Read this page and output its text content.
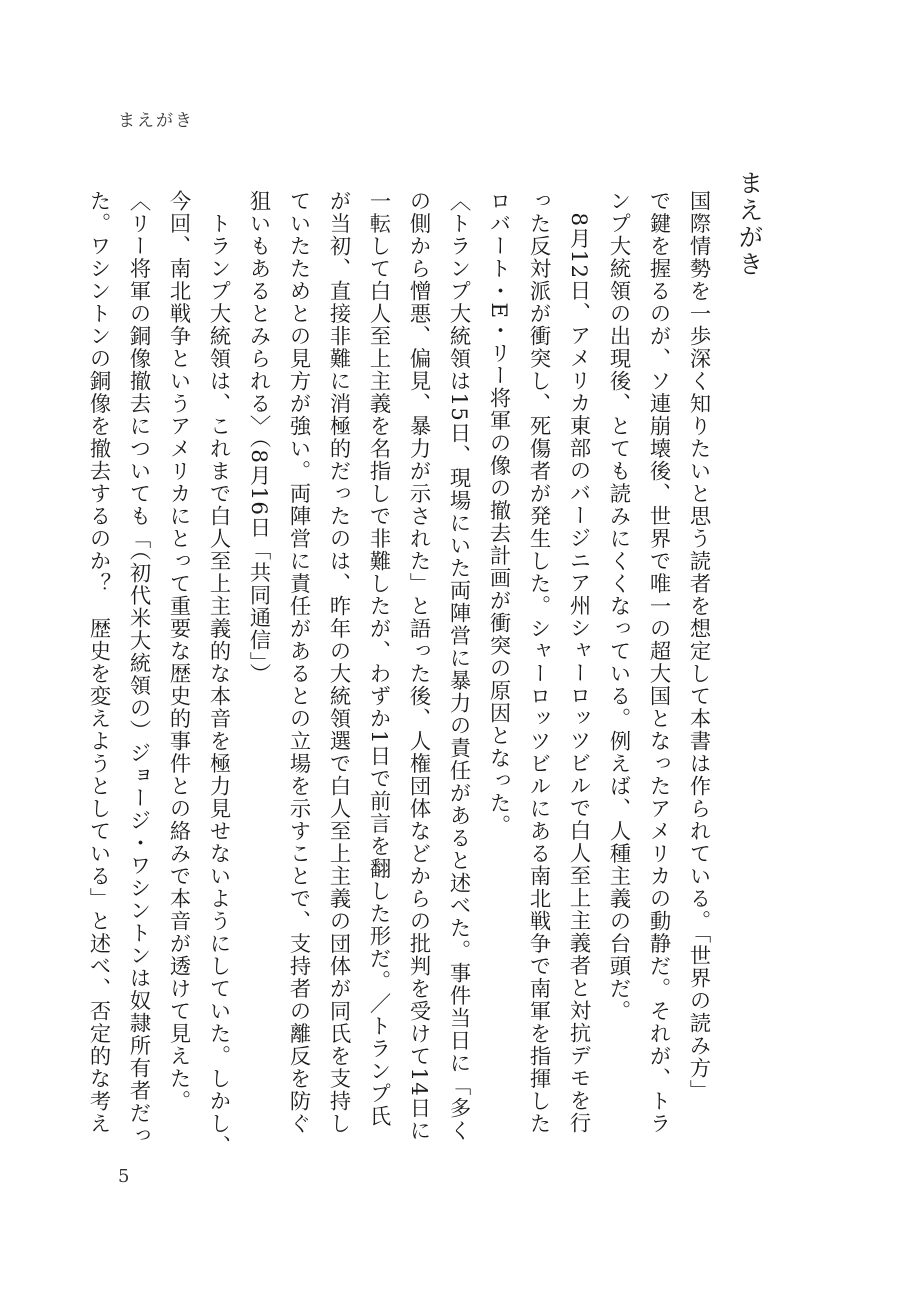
まえがき
まえがき
国際情勢を一歩深く知りたいと思う読者を想定して本書は作られている。「世界の読み方」
で鍵を握るのが、ソ連崩壊後、世界で唯一の超大国となったアメリカの動静だ。それが、トラ
ンプ大統領の出現後、とても読みにくくなっている。例えば、人種主義の台頭だ。
　8月12日、アメリカ東部のバージニア州シャーロッツビルで白人至上主義者と対抗デモを行
った反対派が衝突し、死傷者が発生した。シャーロッツビルにある南北戦争で南軍を指揮した
ロバート・E・リー将軍の像の撤去計画が衝突の原因となった。
〈トランプ大統領は15日、現場にいた両陣営に暴力の責任があると述べた。事件当日に「多く
の側から憎悪、偏見、暴力が示された」と語った後、人権団体などからの批判を受けて14日に
一転して白人至上主義を名指しで非難したが、わずか1日で前言を翻した形だ。／トランプ氏
が当初、直接非難に消極的だったのは、昨年の大統領選で白人至上主義の団体が同氏を支持し
ていたためとの見方が強い。両陣営に責任があるとの立場を示すことで、支持者の離反を防ぐ
狙いもあるとみられる〉（8月16日「共同通信」）
　トランプ大統領は、これまで白人至上主義的な本音を極力見せないようにしていた。しかし、
今回、南北戦争というアメリカにとって重要な歴史的事件との絡みで本音が透けて見えた。
〈リー将軍の銅像撤去についても「（初代米大統領の）ジョージ・ワシントンは奴隷所有者だっ
た。ワシントンの銅像を撤去するのか？　歴史を変えようとしている」と述べ、否定的な考え
5
